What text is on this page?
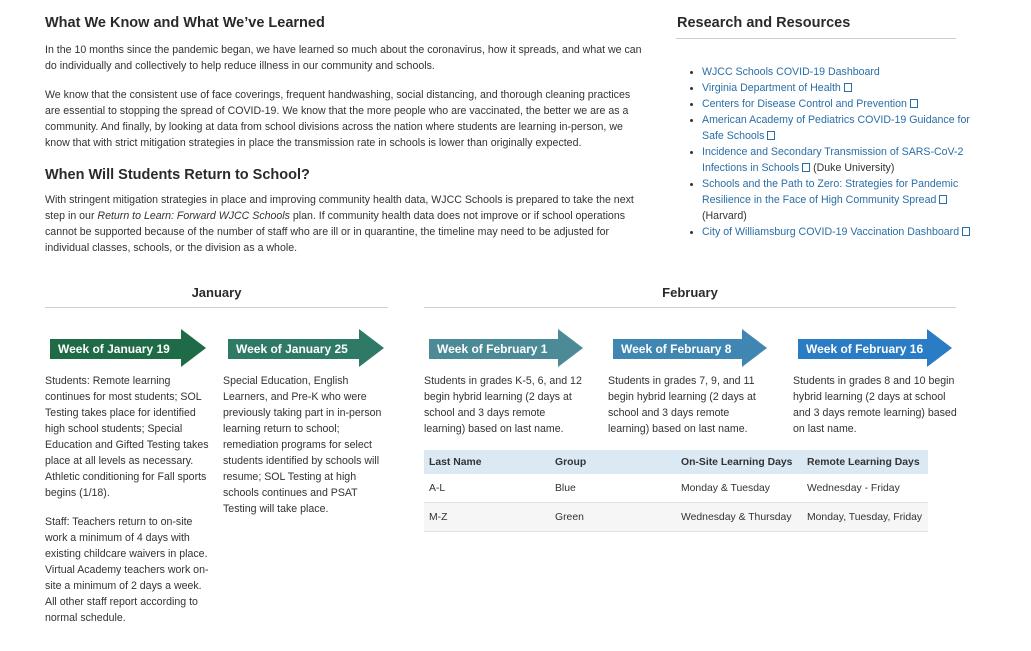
What We Know and What We’ve Learned

In the 10 months since the pandemic began, we have learned so much about the coronavirus, how it spreads, and what we can do individually and collectively to help reduce illness in our community and schools.

We know that the consistent use of face coverings, frequent handwashing, social distancing, and thorough cleaning practices are essential to stopping the spread of COVID-19. We know that the more people who are vaccinated, the better we are as a community. And finally, by looking at data from school divisions across the nation where students are learning in-person, we know that with strict mitigation strategies in place the transmission rate in schools is lower than originally expected.

When Will Students Return to School?

With stringent mitigation strategies in place and improving community health data, WJCC Schools is prepared to take the next step in our Return to Learn: Forward WJCC Schools plan. If community health data does not improve or if school operations cannot be supported because of the number of staff who are ill or in quarantine, the timeline may need to be adjusted for individual classes, schools, or the division as a whole.

Research and Resources
• WJCC Schools COVID-19 Dashboard
• Virginia Department of Health
• Centers for Disease Control and Prevention
• American Academy of Pediatrics COVID-19 Guidance for Safe Schools
• Incidence and Secondary Transmission of SARS-CoV-2 Infections in Schools (Duke University)
• Schools and the Path to Zero: Strategies for Pandemic Resilience in the Face of High Community Spread (Harvard)
• City of Williamsburg COVID-19 Vaccination Dashboard
January	February
Week of January 19	Week of January 25	Week of February 1	Week of February 8	Week of February 16

Students: Remote learning continues for most students; SOL Testing takes place for identified high school students; Special Education and Gifted Testing takes place at all levels as necessary. Athletic conditioning for Fall sports begins (1/18).

Staff: Teachers return to on-site work a minimum of 4 days with existing childcare waivers in place. Virtual Academy teachers work on-site a minimum of 2 days a week. All other staff report according to normal schedule.

Special Education, English Learners, and Pre-K who were previously taking part in in-person learning return to school; remediation programs for select students identified by schools will resume; SOL Testing at high schools continues and PSAT Testing will take place.

Students in grades K-5, 6, and 12 begin hybrid learning (2 days at school and 3 days remote learning) based on last name.

Students in grades 7, 9, and 11 begin hybrid learning (2 days at school and 3 days remote learning) based on last name.

Students in grades 8 and 10 begin hybrid learning (2 days at school and 3 days remote learning) based on last name.

Last Name	Group	On-Site Learning Days	Remote Learning Days
A-L	Blue	Monday & Tuesday	Wednesday - Friday
M-Z	Green	Wednesday & Thursday	Monday, Tuesday, Friday
